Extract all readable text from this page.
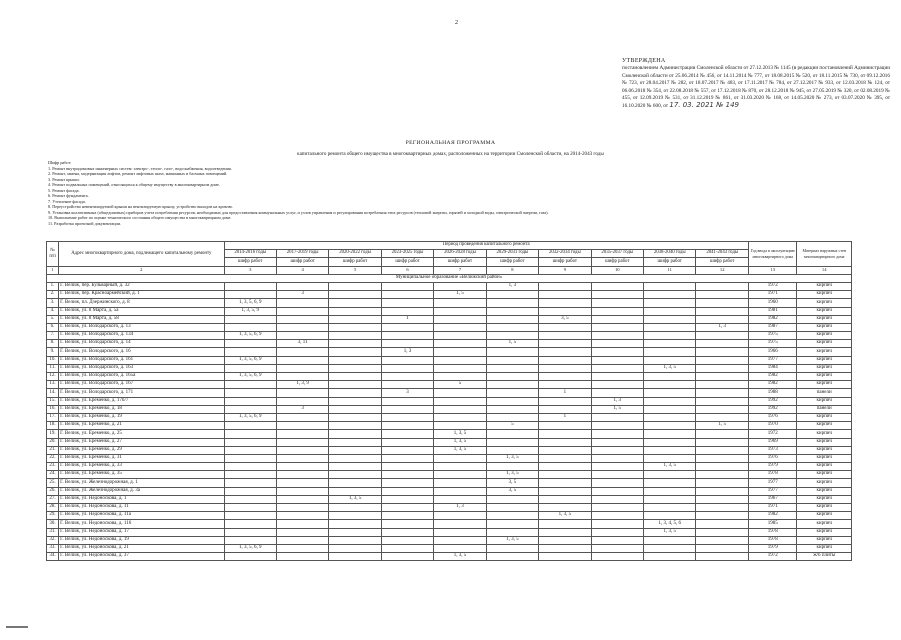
2
УТВЕРЖДЕНА
постановлением Администрации Смоленской области от 27.12.2013 № 1145 (в редакции постановлений Администрации Смоленской области от 25.06.2014 № 456, от 14.11.2014 № 777, от 18.08.2015 № 520, от 18.11.2015 № 730, от 09.12.2016 № 723, от 28.04.2017 № 282, от 18.07.2017 № 483, от 17.11.2017 № 784, от 27.12.2017 № 933, от 12.03.2018 № 124, от 06.06.2018 № 354, от 22.08.2018 № 557, от 17.12.2018 № 870, от 28.12.2018 № 945, от 27.05.2019 № 320, от 02.08.2019 № 455, от 12.09.2019 № 531, от 31.12.2019 № 861, от 31.03.2020 № 168, от 14.05.2020 № 273, от 03.07.2020 № 395, от 16.10.2020 № 600, от 17. 03. 2021 № 149
РЕГИОНАЛЬНАЯ ПРОГРАММА
капитального ремонта общего имущества в многоквартирных домах, расположенных на территории Смоленской области, на 2014-2043 годы
Шифр работ:
1. Ремонт внутридомовых инженерных систем: электро-, тепло-, газо-, водоснабжения, водоотведения.
2. Ремонт, замена, модернизация лифтов, ремонт лифтовых шахт, машинных и блочных помещений.
3. Ремонт крыши.
4. Ремонт подвальных помещений, относящихся к общему имуществу в многоквартирном доме.
5. Ремонт фасада.
6. Ремонт фундамента.
7. Утепление фасада.
8. Переустройство невентилируемой крыши на вентилируемую крышу, устройство выходов на кровлю.
9. Установка коллективных (общедомовых) приборов учета потребления ресурсов, необходимых для предоставления коммунальных услуг, и узлов управления и регулирования потребления этих ресурсов (тепловой энергии, горячей и холодной воды, электрической энергии, газа).
10. Выполнение работ по оценке технического состояния общего имущества в многоквартирном доме.
11. Разработка проектной документации.
№ п/п	Адрес многоквартирного дома, подлежащего капитальному ремонту	Период проведения капитального ремонта										Год ввода в эксплуатацию многоквартирного дома	Материал наружных стен многоквартирного дома
		2014-2016 годы	2017-2019 годы	2020-2022 годы	2023-2025 годы	2026-2028 годы	2029-2031 годы	2032-2034 годы	2035-2037 годы	2038-2040 годы	2041-2043 годы		
		шифр работ	шифр работ	шифр работ	шифр работ	шифр работ	шифр работ	шифр работ	шифр работ	шифр работ	шифр работ		
1	2	3	4	5	6	7	8	9	10	11	12	13	14
Муниципальное образование «Велижский район»													
1.	Г. Велиж, пер. Бульварный, д. 32						1, 3					1972	кирпич
2.	Г. Велиж, пер. Красноармейский, д. 1		3			1, 5						1971	кирпич
3.	Г. Велиж, пл. Дзержинского, д. 8	1, 3, 5, 6, 9										1960	кирпич
4.	Г. Велиж, ул. 8 Марта, д. 5а	1, 3, 5, 9										1981	кирпич
5.	Г. Велиж, ул. 8 Марта, д. 58				1			3, 5				1982	кирпич
6.	Г. Велиж, ул. Володарского, д. 13										1, 3	1987	кирпич
7.	Г. Велиж, ул. Володарского, д. 134	1, 3, 5, 6, 9										1975	кирпич
8.	Г. Велиж, ул. Володарского, д. 14		3, 11				1, 5					1975	кирпич
9.	Г. Велиж, ул. Володарского, д. 16				1, 3							1966	кирпич
10.	Г. Велиж, ул. Володарского, д. 161	1, 3, 5, 6, 9										1977	кирпич
11.	Г. Велиж, ул. Володарского, д. 163									1, 3, 5		1984	кирпич
12.	Г. Велиж, ул. Володарского, д. 165а	1, 3, 5, 6, 9										1982	кирпич
13.	Г. Велиж, ул. Володарского, д. 167		1, 3, 9			5						1982	кирпич
14.	Г. Велиж, ул. Володарского, д. 171				3			1				1988	панели
15.	Г. Велиж, ул. Еременко, д. 17б/7								1, 3			1992	кирпич
16.	Г. Велиж, ул. Еременко, д. 18		3						1, 5			1992	панели
17.	Г. Велиж, ул. Еременко, д. 19	1, 3, 5, 6, 9						1				1976	кирпич
18.	Г. Велиж, ул. Еременко, д. 21						5				1, 5	1970	кирпич
19.	Г. Велиж, ул. Еременко, д. 25					1, 3, 5						1972	кирпич
20.	Г. Велиж, ул. Еременко, д. 27					1, 3, 5						1969	кирпич
21.	Г. Велиж, ул. Еременко, д. 29					1, 3, 5						1973	кирпич
22.	Г. Велиж, ул. Еременко, д. 31						1, 3, 5					1976	кирпич
23.	Г. Велиж, ул. Еременко, д. 33									1, 3, 5		1979	кирпич
24.	Г. Велиж, ул. Еременко, д. 35						1, 3, 5					1978	кирпич
25.	Г. Велиж, ул. Железнодорожная, д. 1						3, 5					1977	кирпич
26.	Г. Велиж, ул. Железнодорожная, д. 3а						3, 5					1977	кирпич
27.	Г. Велиж, ул. Недоноскова, д. 1			1, 3, 5								1967	кирпич
28.	Г. Велиж, ул. Недоноскова, д. 11					1, 3						1971	кирпич
29.	Г. Велиж, ул. Недоноскова, д. 11а							1, 3, 5				1982	кирпич
30.	Г. Велиж, ул. Недоноскова, д. 116									1, 3, 4, 5, 6		1985	кирпич
31.	Г. Велиж, ул. Недоноскова, д. 17									1, 3, 5		1978	кирпич
32.	Г. Велиж, ул. Недоноскова, д. 19						1, 3, 5					1978	кирпич
33.	Г. Велиж, ул. Недоноскова, д. 21	1, 3, 5, 6, 9										1979	кирпич
34.	Г. Велиж, ул. Недоноскова, д. 37					1, 3, 5						1972	ж/б плиты
